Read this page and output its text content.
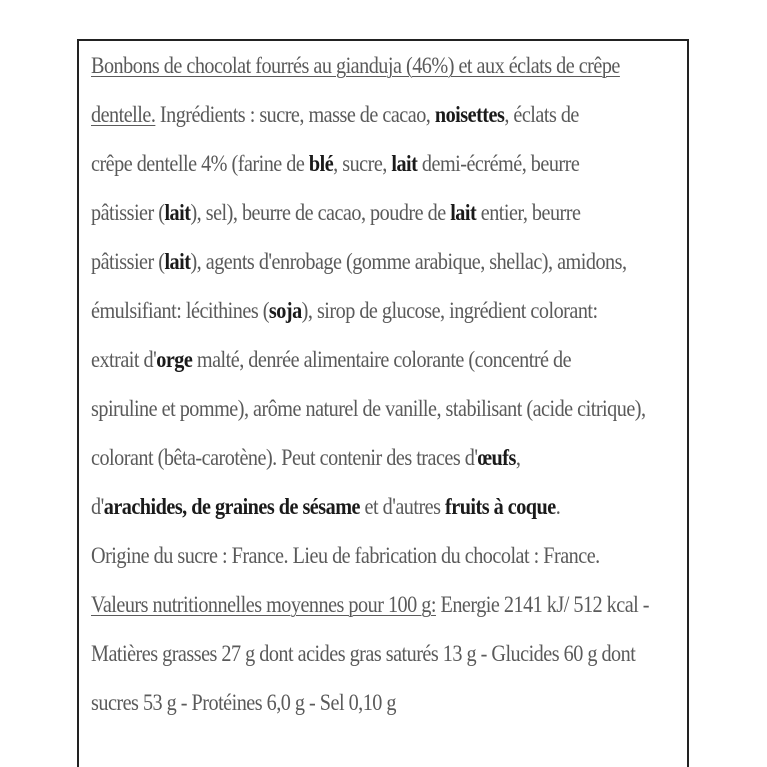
Bonbons de chocolat fourrés au gianduja (46%) et aux éclats de crêpe
dentelle. Ingrédients : sucre, masse de cacao, noisettes, éclats de
crêpe dentelle 4% (farine de blé, sucre, lait demi-écrémé, beurre
pâtissier (lait), sel), beurre de cacao, poudre de lait entier, beurre
pâtissier (lait), agents d'enrobage (gomme arabique, shellac), amidons,
émulsifiant: lécithines (soja), sirop de glucose, ingrédient colorant:
extrait d'orge malté, denrée alimentaire colorante (concentré de
spiruline et pomme), arôme naturel de vanille, stabilisant (acide citrique),
colorant (bêta-carotène). Peut contenir des traces d'œufs,
d'arachides, de graines de sésame et d'autres fruits à coque.
Origine du sucre : France. Lieu de fabrication du chocolat : France.
Valeurs nutritionnelles moyennes pour 100 g: Energie 2141 kJ/ 512 kcal -
Matières grasses 27 g dont acides gras saturés 13 g - Glucides 60 g dont
sucres 53 g - Protéines 6,0 g - Sel 0,10 g
